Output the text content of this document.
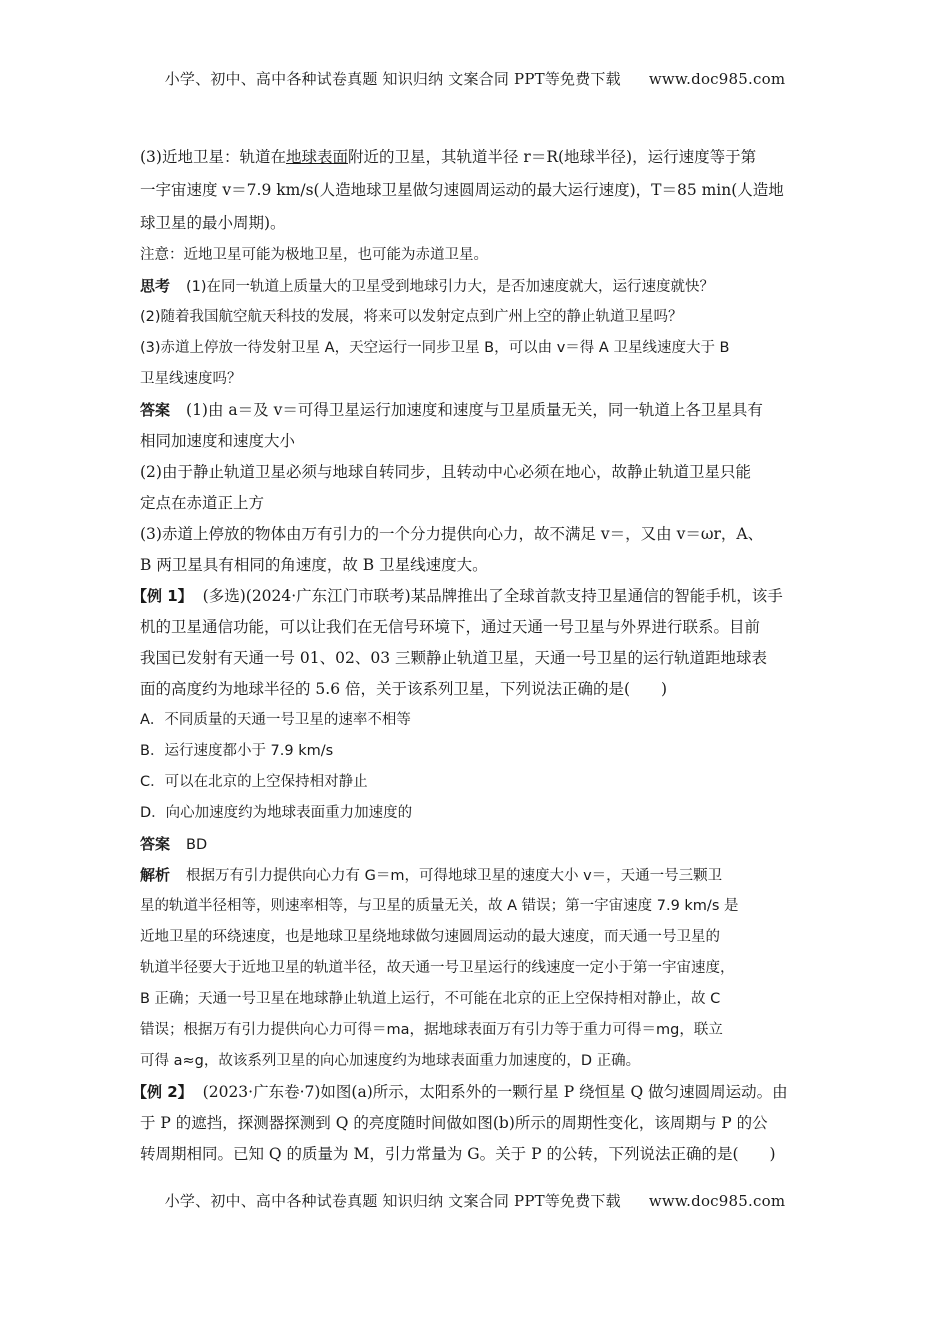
小学、初中、高中各种试卷真题 知识归纳 文案合同 PPT等免费下载 www.doc985.com
(3)近地卫星：轨道在地球表面附近的卫星，其轨道半径 r＝R(地球半径)，运行速度等于第
一宇宙速度 v＝7.9 km/s(人造地球卫星做匀速圆周运动的最大运行速度)，T＝85 min(人造地
球卫星的最小周期)。
注意：近地卫星可能为极地卫星，也可能为赤道卫星。
思考 (1)在同一轨道上质量大的卫星受到地球引力大，是否加速度就大，运行速度就快？
(2)随着我国航空航天科技的发展，将来可以发射定点到广州上空的静止轨道卫星吗？
(3)赤道上停放一待发射卫星 A，天空运行一同步卫星 B，可以由 v＝得 A 卫星线速度大于 B
卫星线速度吗？
答案 (1)由 a＝及 v＝可得卫星运行加速度和速度与卫星质量无关，同一轨道上各卫星具有
相同加速度和速度大小
(2)由于静止轨道卫星必须与地球自转同步，且转动中心必须在地心，故静止轨道卫星只能
定点在赤道正上方
(3)赤道上停放的物体由万有引力的一个分力提供向心力，故不满足 v＝，又由 v＝ωr，A、
B 两卫星具有相同的角速度，故 B 卫星线速度大。
【例 1】 (多选)(2024·广东江门市联考)某品牌推出了全球首款支持卫星通信的智能手机，该手
机的卫星通信功能，可以让我们在无信号环境下，通过天通一号卫星与外界进行联系。目前
我国已发射有天通一号 01、02、03 三颗静止轨道卫星，天通一号卫星的运行轨道距地球表
面的高度约为地球半径的 5.6 倍，关于该系列卫星，下列说法正确的是(　　)
A．不同质量的天通一号卫星的速率不相等
B．运行速度都小于 7.9 km/s
C．可以在北京的上空保持相对静止
D．向心加速度约为地球表面重力加速度的
答案 BD
解析 根据万有引力提供向心力有 G＝m，可得地球卫星的速度大小 v＝，天通一号三颗卫
星的轨道半径相等，则速率相等，与卫星的质量无关，故 A 错误；第一宇宙速度 7.9 km/s 是
近地卫星的环绕速度，也是地球卫星绕地球做匀速圆周运动的最大速度，而天通一号卫星的
轨道半径要大于近地卫星的轨道半径，故天通一号卫星运行的线速度一定小于第一宇宙速度，
B 正确；天通一号卫星在地球静止轨道上运行，不可能在北京的正上空保持相对静止，故 C
错误；根据万有引力提供向心力可得＝ma，据地球表面万有引力等于重力可得＝mg，联立
可得 a≈g，故该系列卫星的向心加速度约为地球表面重力加速度的，D 正确。
【例 2】 (2023·广东卷·7)如图(a)所示，太阳系外的一颗行星 P 绕恒星 Q 做匀速圆周运动。由
于 P 的遮挡，探测器探测到 Q 的亮度随时间做如图(b)所示的周期性变化，该周期与 P 的公
转周期相同。已知 Q 的质量为 M，引力常量为 G。关于 P 的公转，下列说法正确的是(　　)
小学、初中、高中各种试卷真题 知识归纳 文案合同 PPT等免费下载 www.doc985.com
